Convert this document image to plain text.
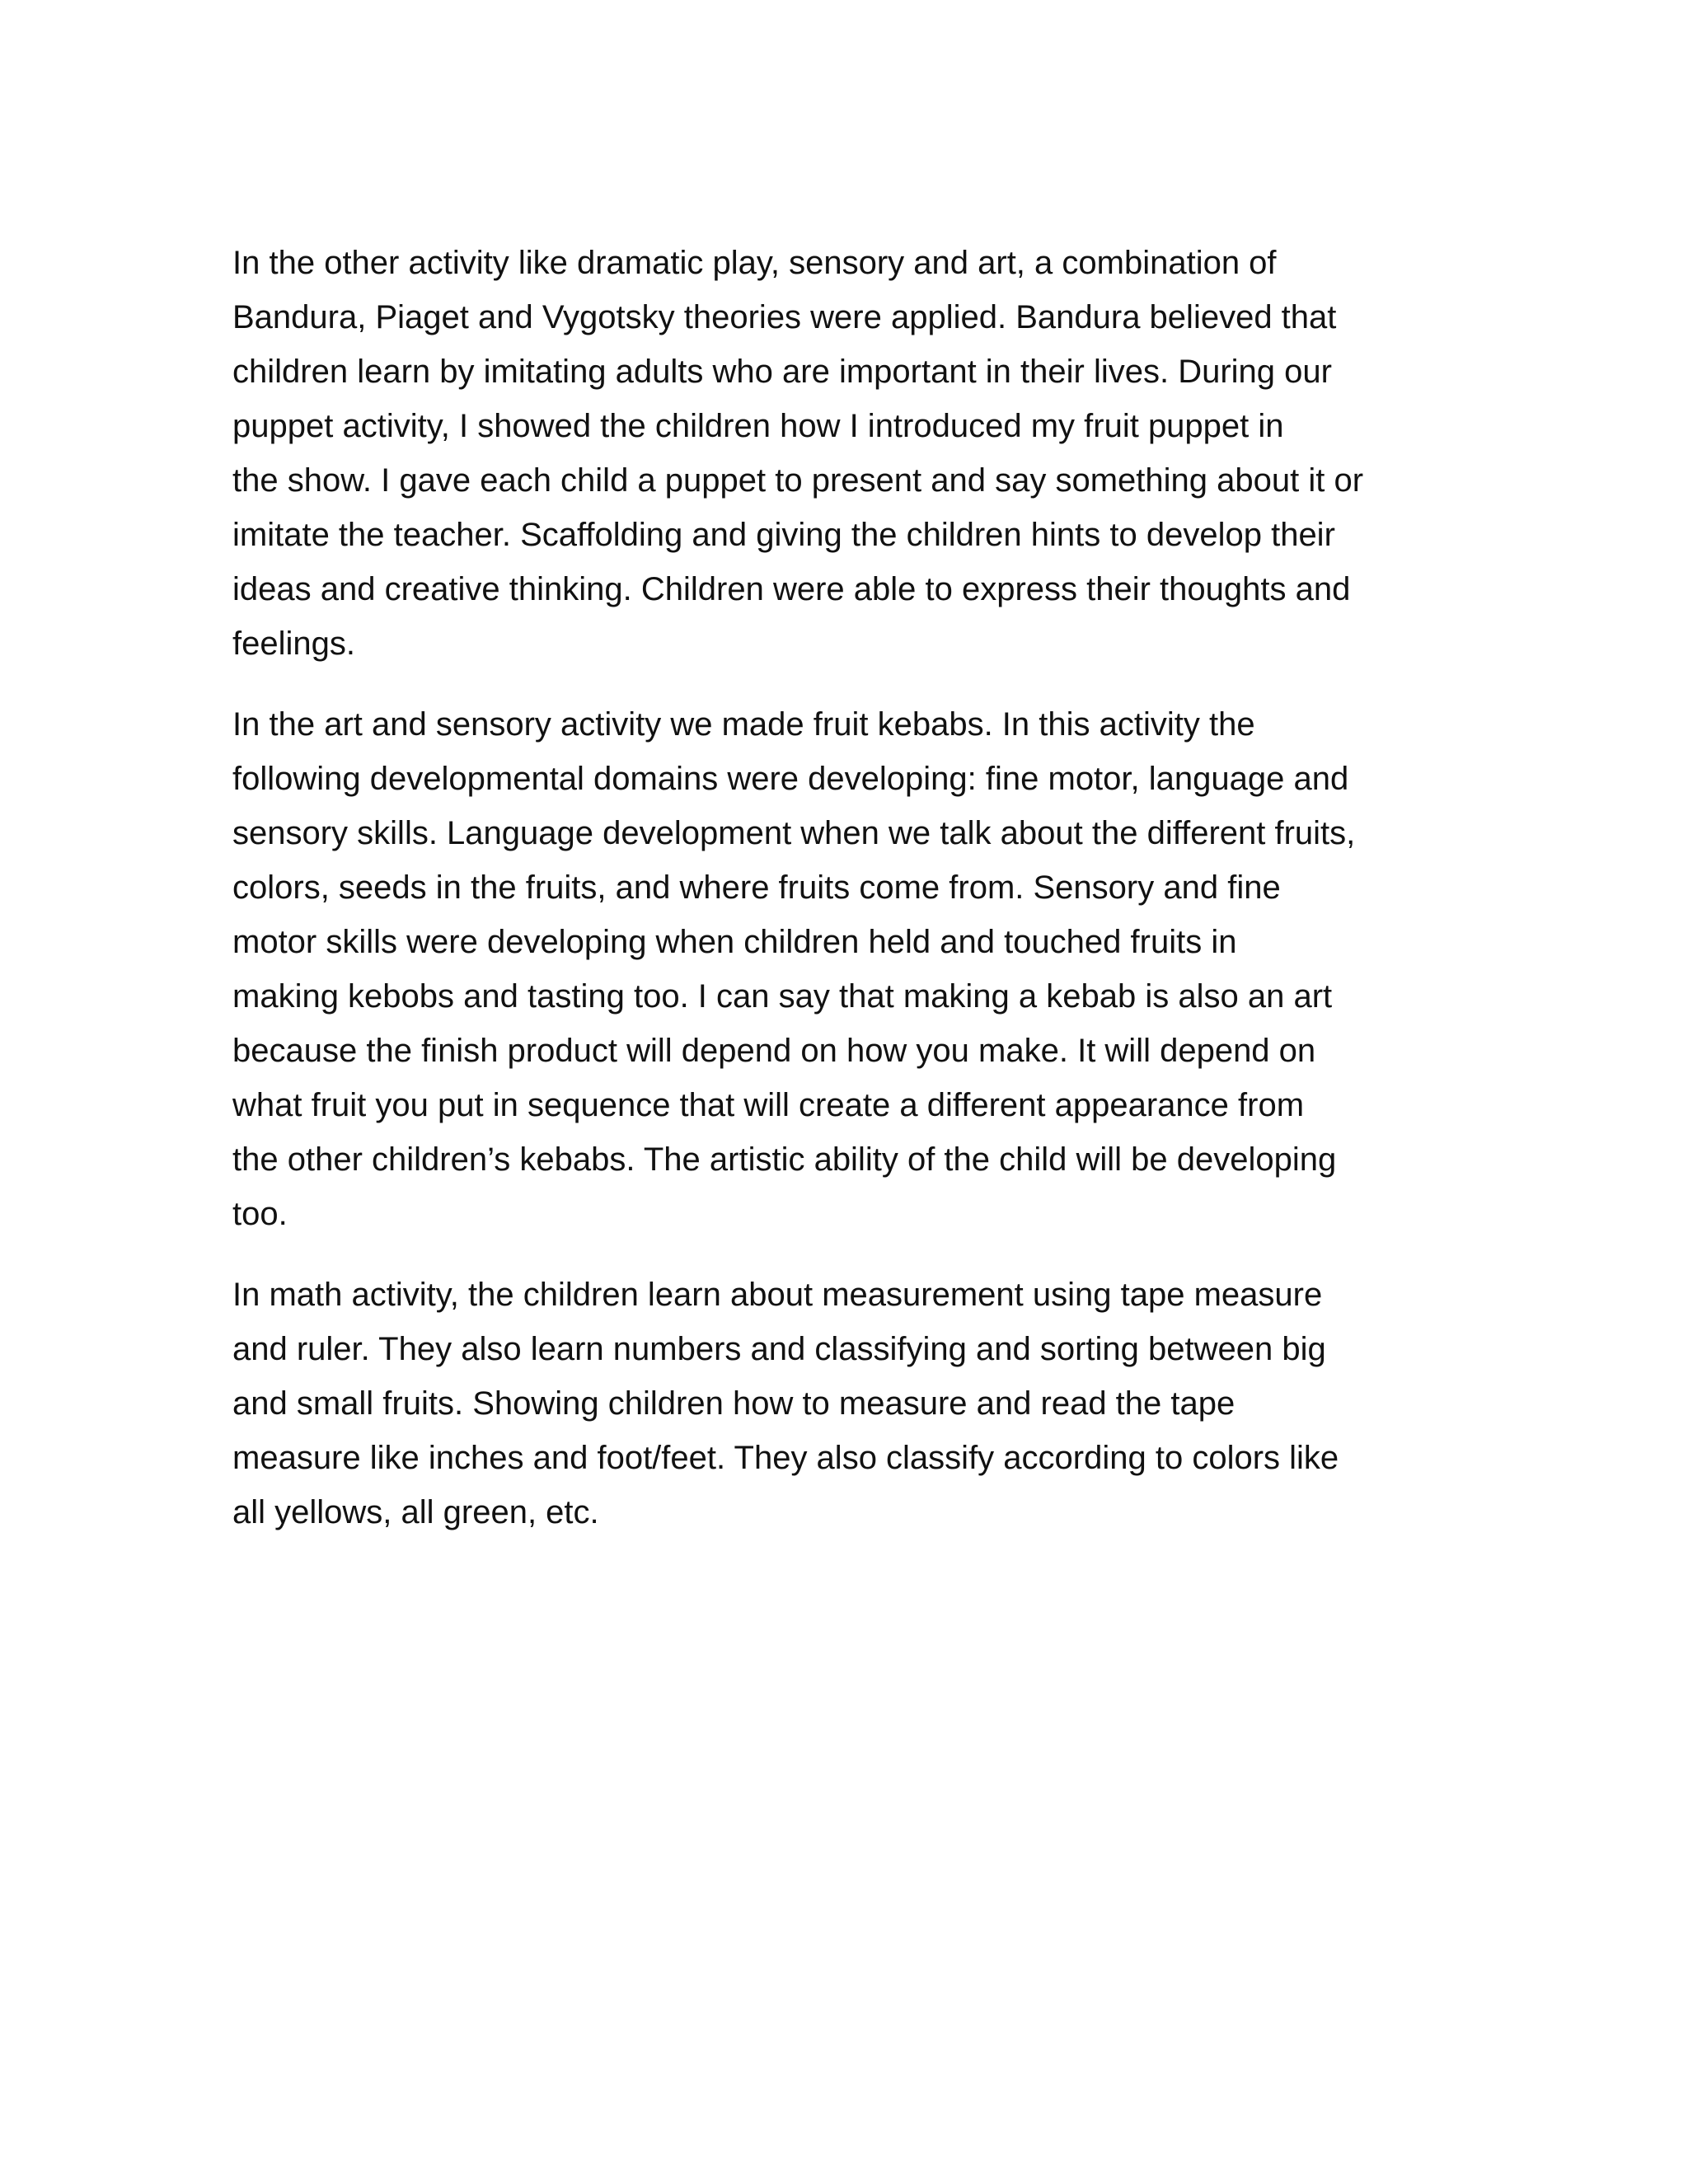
In the other activity like dramatic play, sensory and art, a combination of
Bandura, Piaget and Vygotsky theories were applied. Bandura believed that
children learn by imitating adults who are important in their lives. During our
puppet activity, I showed the children how I introduced my fruit puppet in
the show. I gave each child a puppet to present and say something about it or
imitate the teacher. Scaffolding and giving the children hints to develop their
ideas and creative thinking. Children were able to express their thoughts and
feelings.
In the art and sensory activity we made fruit kebabs. In this activity the
following developmental domains were developing: fine motor, language and
sensory skills. Language development when we talk about the different fruits,
colors, seeds in the fruits, and where fruits come from. Sensory and fine
motor skills were developing when children held and touched fruits in
making kebobs and tasting too. I can say that making a kebab is also an art
because the finish product will depend on how you make. It will depend on
what fruit you put in sequence that will create a different appearance from
the other children’s kebabs. The artistic ability of the child will be developing
too.
In math activity, the children learn about measurement using tape measure
and ruler. They also learn numbers and classifying and sorting between big
and small fruits. Showing children how to measure and read the tape
measure like inches and foot/feet. They also classify according to colors like
all yellows, all green, etc.
